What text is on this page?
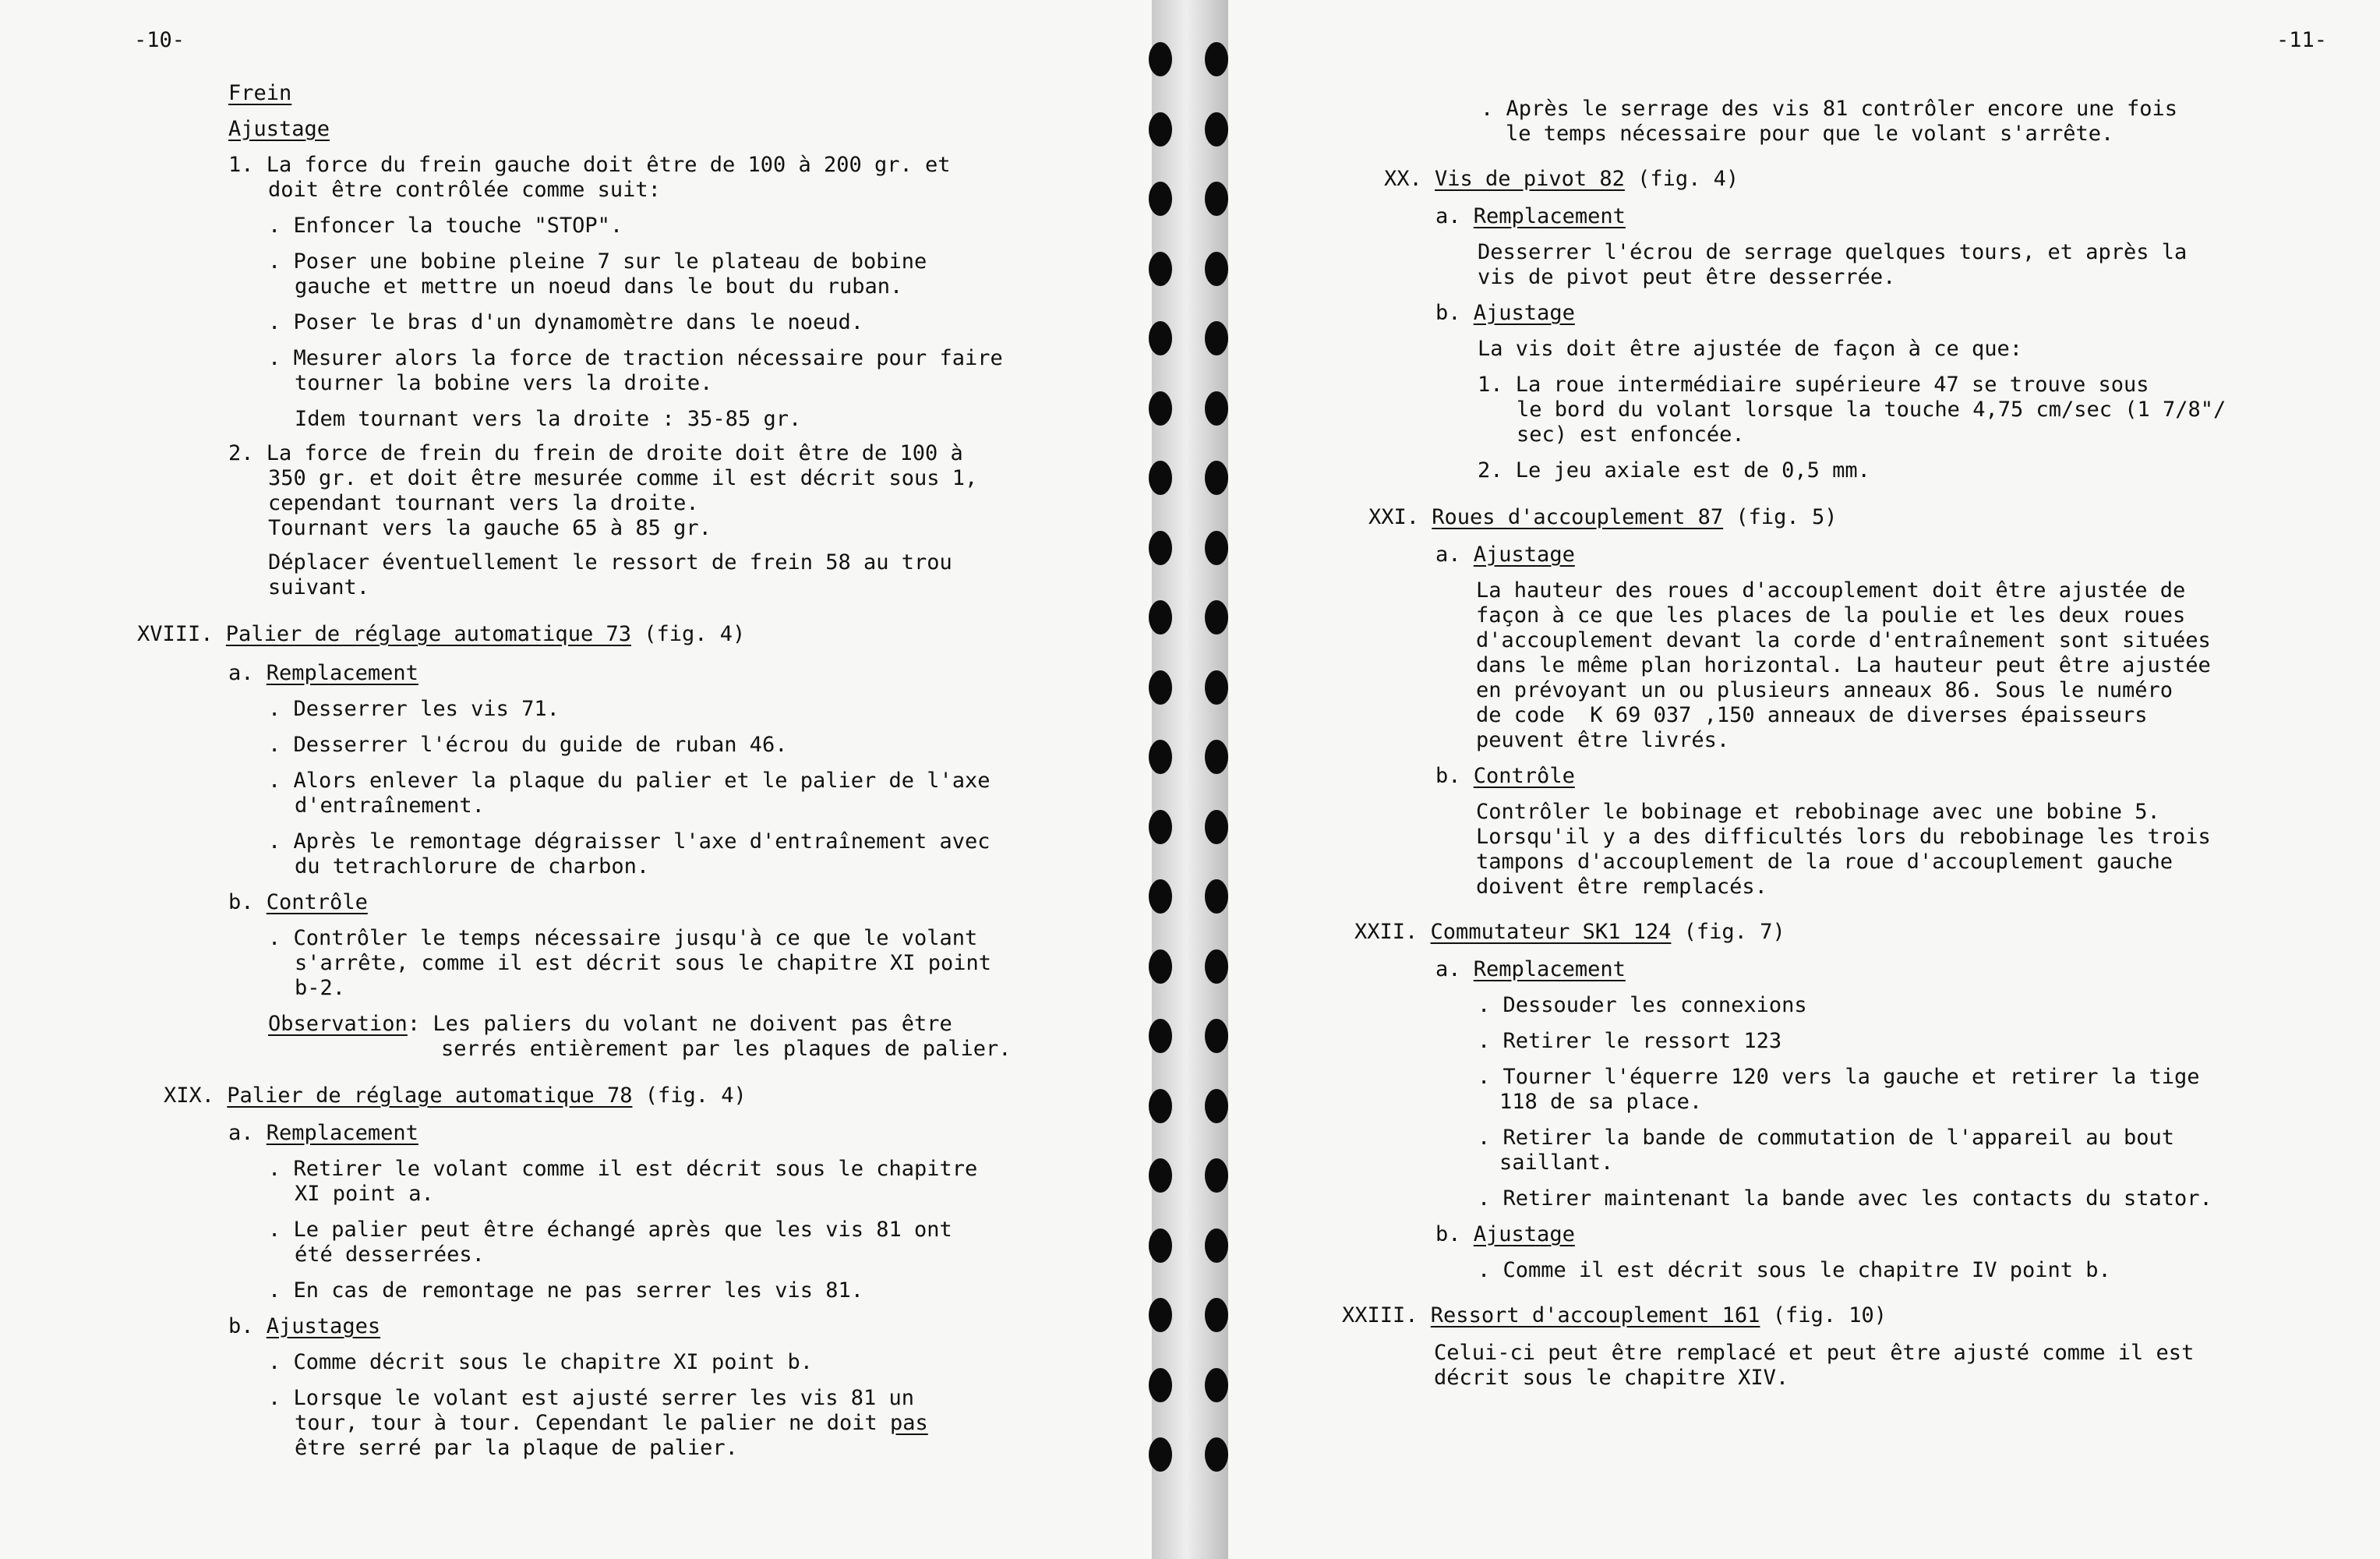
-10-
Frein
Ajustage
1. La force du frein gauche doit être de 100 à 200 gr. et
doit être contrôlée comme suit:
. Enfoncer la touche "STOP".
. Poser une bobine pleine 7 sur le plateau de bobine
gauche et mettre un noeud dans le bout du ruban.
. Poser le bras d'un dynamomètre dans le noeud.
. Mesurer alors la force de traction nécessaire pour faire
tourner la bobine vers la droite.
Idem tournant vers la droite : 35-85 gr.
2. La force de frein du frein de droite doit être de 100 à
350 gr. et doit être mesurée comme il est décrit sous 1,
cependant tournant vers la droite.
Tournant vers la gauche 65 à 85 gr.
Déplacer éventuellement le ressort de frein 58 au trou
suivant.
XVIII. Palier de réglage automatique 73 (fig. 4)
a. Remplacement
. Desserrer les vis 71.
. Desserrer l'écrou du guide de ruban 46.
. Alors enlever la plaque du palier et le palier de l'axe
d'entraînement.
. Après le remontage dégraisser l'axe d'entraînement avec
du tetrachlorure de charbon.
b. Contrôle
. Contrôler le temps nécessaire jusqu'à ce que le volant
s'arrête, comme il est décrit sous le chapitre XI point
b-2.
Observation: Les paliers du volant ne doivent pas être
serrés entièrement par les plaques de palier.
XIX. Palier de réglage automatique 78 (fig. 4)
a. Remplacement
. Retirer le volant comme il est décrit sous le chapitre
XI point a.
. Le palier peut être échangé après que les vis 81 ont
été desserrées.
. En cas de remontage ne pas serrer les vis 81.
b. Ajustages
. Comme décrit sous le chapitre XI point b.
. Lorsque le volant est ajusté serrer les vis 81 un
tour, tour à tour. Cependant le palier ne doit pas
être serré par la plaque de palier.
-11-
. Après le serrage des vis 81 contrôler encore une fois
le temps nécessaire pour que le volant s'arrête.
XX. Vis de pivot 82 (fig. 4)
a. Remplacement
Desserrer l'écrou de serrage quelques tours, et après la
vis de pivot peut être desserrée.
b. Ajustage
La vis doit être ajustée de façon à ce que:
1. La roue intermédiaire supérieure 47 se trouve sous
le bord du volant lorsque la touche 4,75 cm/sec (1 7/8"/
sec) est enfoncée.
2. Le jeu axiale est de 0,5 mm.
XXI. Roues d'accouplement 87 (fig. 5)
a. Ajustage
La hauteur des roues d'accouplement doit être ajustée de
façon à ce que les places de la poulie et les deux roues
d'accouplement devant la corde d'entraînement sont situées
dans le même plan horizontal. La hauteur peut être ajustée
en prévoyant un ou plusieurs anneaux 86. Sous le numéro
de code  K 69 037 ,150 anneaux de diverses épaisseurs
peuvent être livrés.
b. Contrôle
Contrôler le bobinage et rebobinage avec une bobine 5.
Lorsqu'il y a des difficultés lors du rebobinage les trois
tampons d'accouplement de la roue d'accouplement gauche
doivent être remplacés.
XXII. Commutateur SK1 124 (fig. 7)
a. Remplacement
. Dessouder les connexions
. Retirer le ressort 123
. Tourner l'équerre 120 vers la gauche et retirer la tige
118 de sa place.
. Retirer la bande de commutation de l'appareil au bout
saillant.
. Retirer maintenant la bande avec les contacts du stator.
b. Ajustage
. Comme il est décrit sous le chapitre IV point b.
XXIII. Ressort d'accouplement 161 (fig. 10)
Celui-ci peut être remplacé et peut être ajusté comme il est
décrit sous le chapitre XIV.
